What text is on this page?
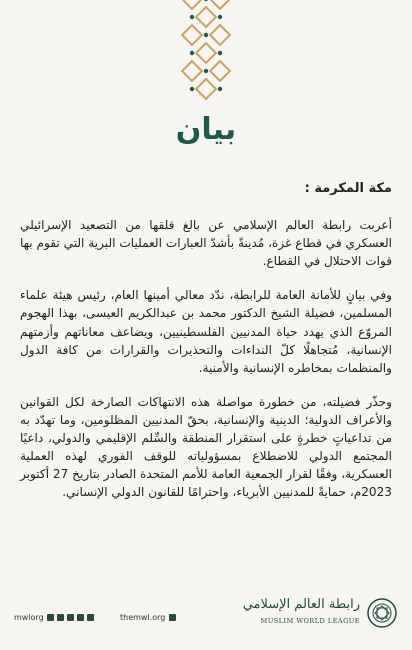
بيان

مكة المكرمة :

أعربت رابطة العالم الإسلامي عن بالغ قلقها من التصعيد الإسرائيلي العسكري في قطاع غزة، مُدينةً بأشدّ العبارات العمليات البرية التي تقوم بها قوات الاحتلال في القطاع.

وفي بيانٍ للأمانة العامة للرابطة، ندّد معالي أمينها العام، رئيس هيئة علماء المسلمين، فضيلة الشيخ الدكتور محمد بن عبدالكريم العيسى، بهذا الهجوم المروّع الذي يهدد حياة المدنيين الفلسطينيين، ويضاعف معاناتهم وأزمتهم الإنسانية، مُتجاهلًا كلّ النداءات والتحذيرات والقرارات من كافة الدول والمنظمات بمخاطره الإنسانية والأمنية.

وحذّر فضيلته، من خطورة مواصلة هذه الانتهاكات الصارخة لكل القوانين والأعراف الدولية؛ الدينية والإنسانية، بحقّ المدنيين المظلومين، وما تهدّد به من تداعياتٍ خطرةٍ على استقرار المنطقة والسِّلم الإقليمي والدولي، داعيًا المجتمع الدولي للاضطلاع بمسؤولياته للوقف الفوري لهذه العملية العسكرية، وفقًا لقرار الجمعية العامة للأمم المتحدة الصادر بتاريخ 27 أكتوبر 2023م، حمايةً للمدنيين الأبرياء، واحترامًا للقانون الدولي الإنساني.

mwlorg	themwl.org
رابطة العالم الإسلامي
MUSLIM WORLD LEAGUE
